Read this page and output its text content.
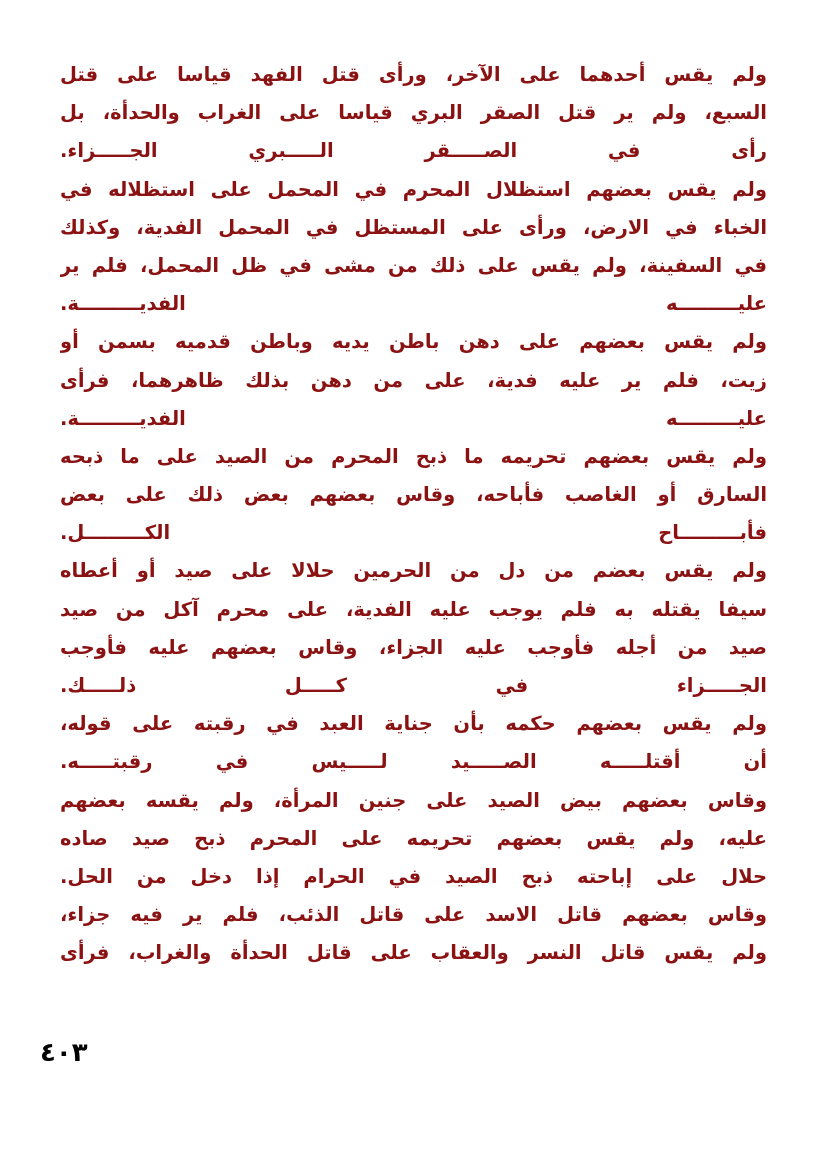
ولم يقس أحدهما على الآخر، ورأى قتل الفهد قياسا على قتل
السبع، ولم ير قتل الصقر البري قياسا على الغراب والحدأة، بل
رأى في الصـــــقر الـــــبري الجـــــزاء.
ولم يقس بعضهم استظلال المحرم في المحمل على استظلاله في
الخباء في الارض، ورأى على المستظل في المحمل الفدية، وكذلك
في السفينة، ولم يقس على ذلك من مشى في ظل المحمل، فلم ير
عليـــــــــه الفديـــــــــة.
ولم يقس بعضهم على دهن باطن يديه وباطن قدميه بسمن أو
زيت، فلم ير عليه فدية، على من دهن بذلك ظاهرهما، فرأى
عليـــــــــه الفديـــــــــة.
ولم يقس بعضهم تحريمه ما ذبح المحرم من الصيد على ما ذبحه
السارق أو الغاصب فأباحه، وقاس بعضهم بعض ذلك على بعض
فأبـــــــــاح الكـــــــــل.
ولم يقس بعضم من دل من الحرمين حلالا على صيد أو أعطاه
سيفا يقتله به فلم يوجب عليه الفدية، على محرم آكل من صيد
صيد من أجله فأوجب عليه الجزاء، وقاس بعضهم عليه فأوجب
الجـــــزاء في كـــــل ذلـــــك.
ولم يقس بعضهم حكمه بأن جناية العبد في رقبته على قوله،
أن أقتلـــــه الصـــــيد لـــــيس في رقبتـــــه.
وقاس بعضهم بيض الصيد على جنين المرأة، ولم يقسه بعضهم
عليه، ولم يقس بعضهم تحريمه على المحرم ذبح صيد صاده
حلال على إباحته ذبح الصيد في الحرام إذا دخل من الحل.
وقاس بعضهم قاتل الاسد على قاتل الذئب، فلم ير فيه جزاء،
ولم يقس قاتل النسر والعقاب على قاتل الحدأة والغراب، فرأى
٤٠٣
